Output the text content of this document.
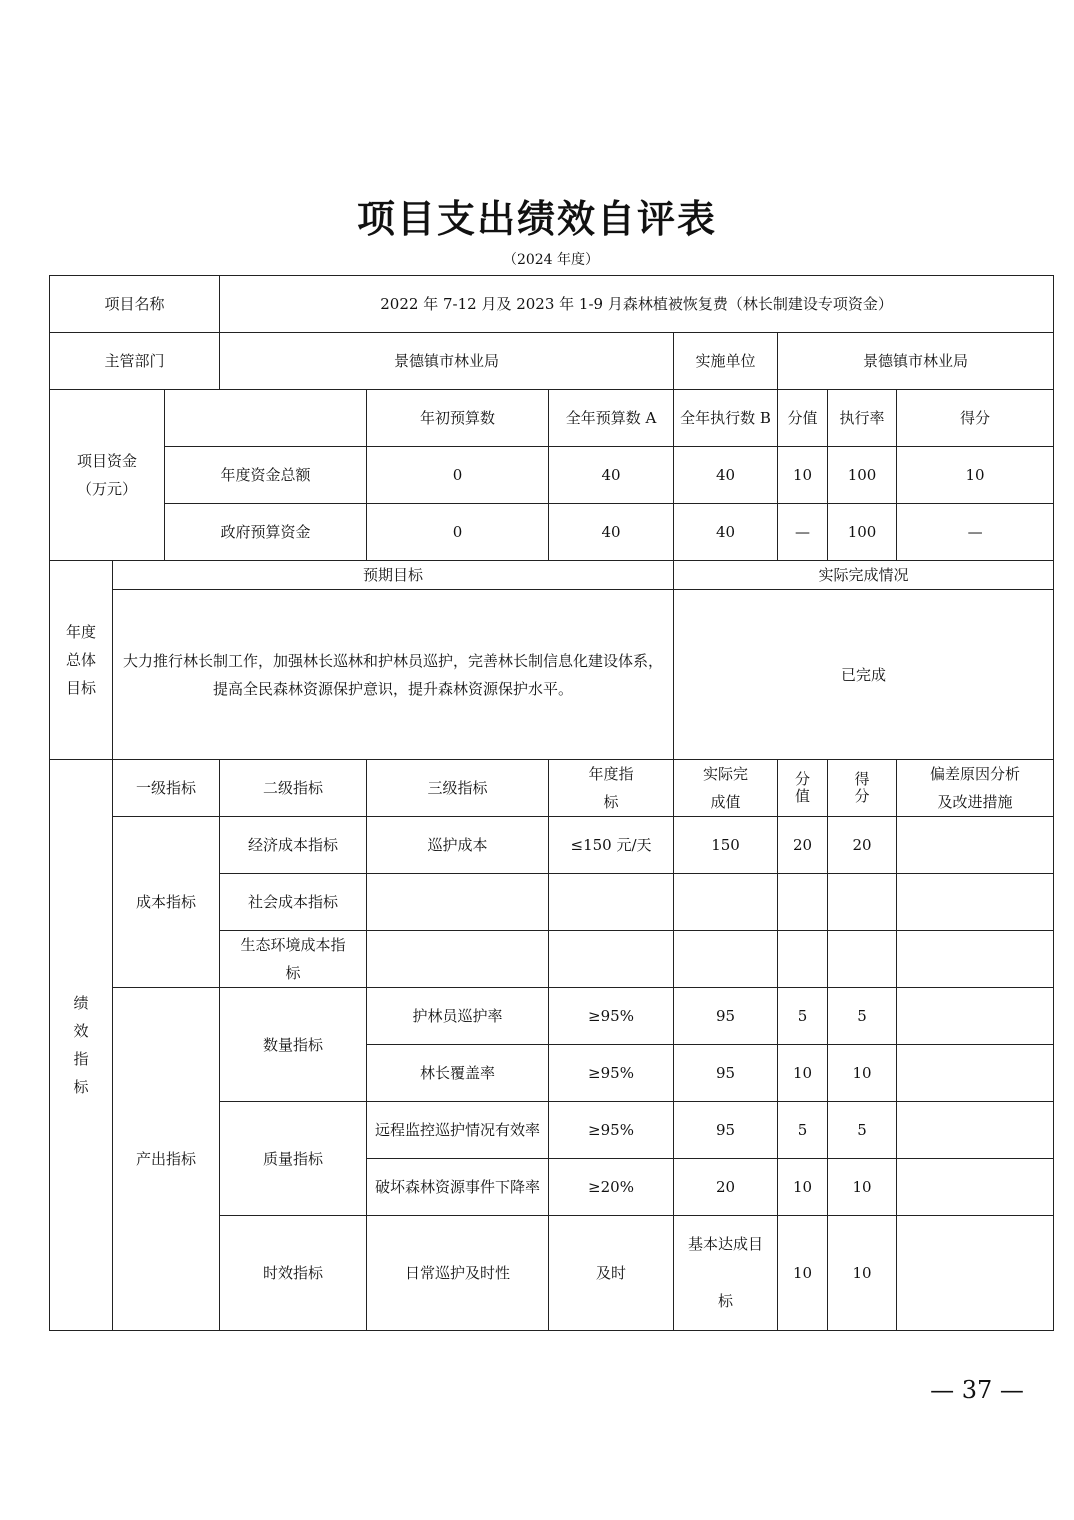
项目支出绩效自评表
（2024 年度）
项目名称			2022 年 7-12 月及 2023 年 1-9 月森林植被恢复费（林长制建设专项资金）						
主管部门			景德镇市林业局			实施单位	景德镇市林业局		

项目资金
（万元）				年初预算数	全年预算数 A	全年执行数 B	分值	执行率	得分
		年度资金总额		0	40	40	10	100	10
		政府预算资金		0	40	40	—	100	—
年度总体目标	预期目标					实际完成情况			
	大力推行林长制工作，加强林长巡林和护林员巡护，完善林长制信息化建设体系，提高全民森林资源保护意识，提升森林资源保护水平。					已完成			
绩效指标	一级指标		二级指标	三级指标	年度指标	实际完成值	分值	得分	偏差原因分析及改进措施
	成本指标		经济成本指标	巡护成本	≤150 元/天	150	20	20	
			社会成本指标						
			生态环境成本指标						
	产出指标		数量指标	护林员巡护率	≥95%	95	5	5	
				林长覆盖率	≥95%	95	10	10	
			质量指标	远程监控巡护情况有效率	≥95%	95	5	5	
				破坏森林资源事件下降率	≥20%	20	10	10	
			时效指标	日常巡护及时性	及时	基本达成目标	10	10	
— 37 —
